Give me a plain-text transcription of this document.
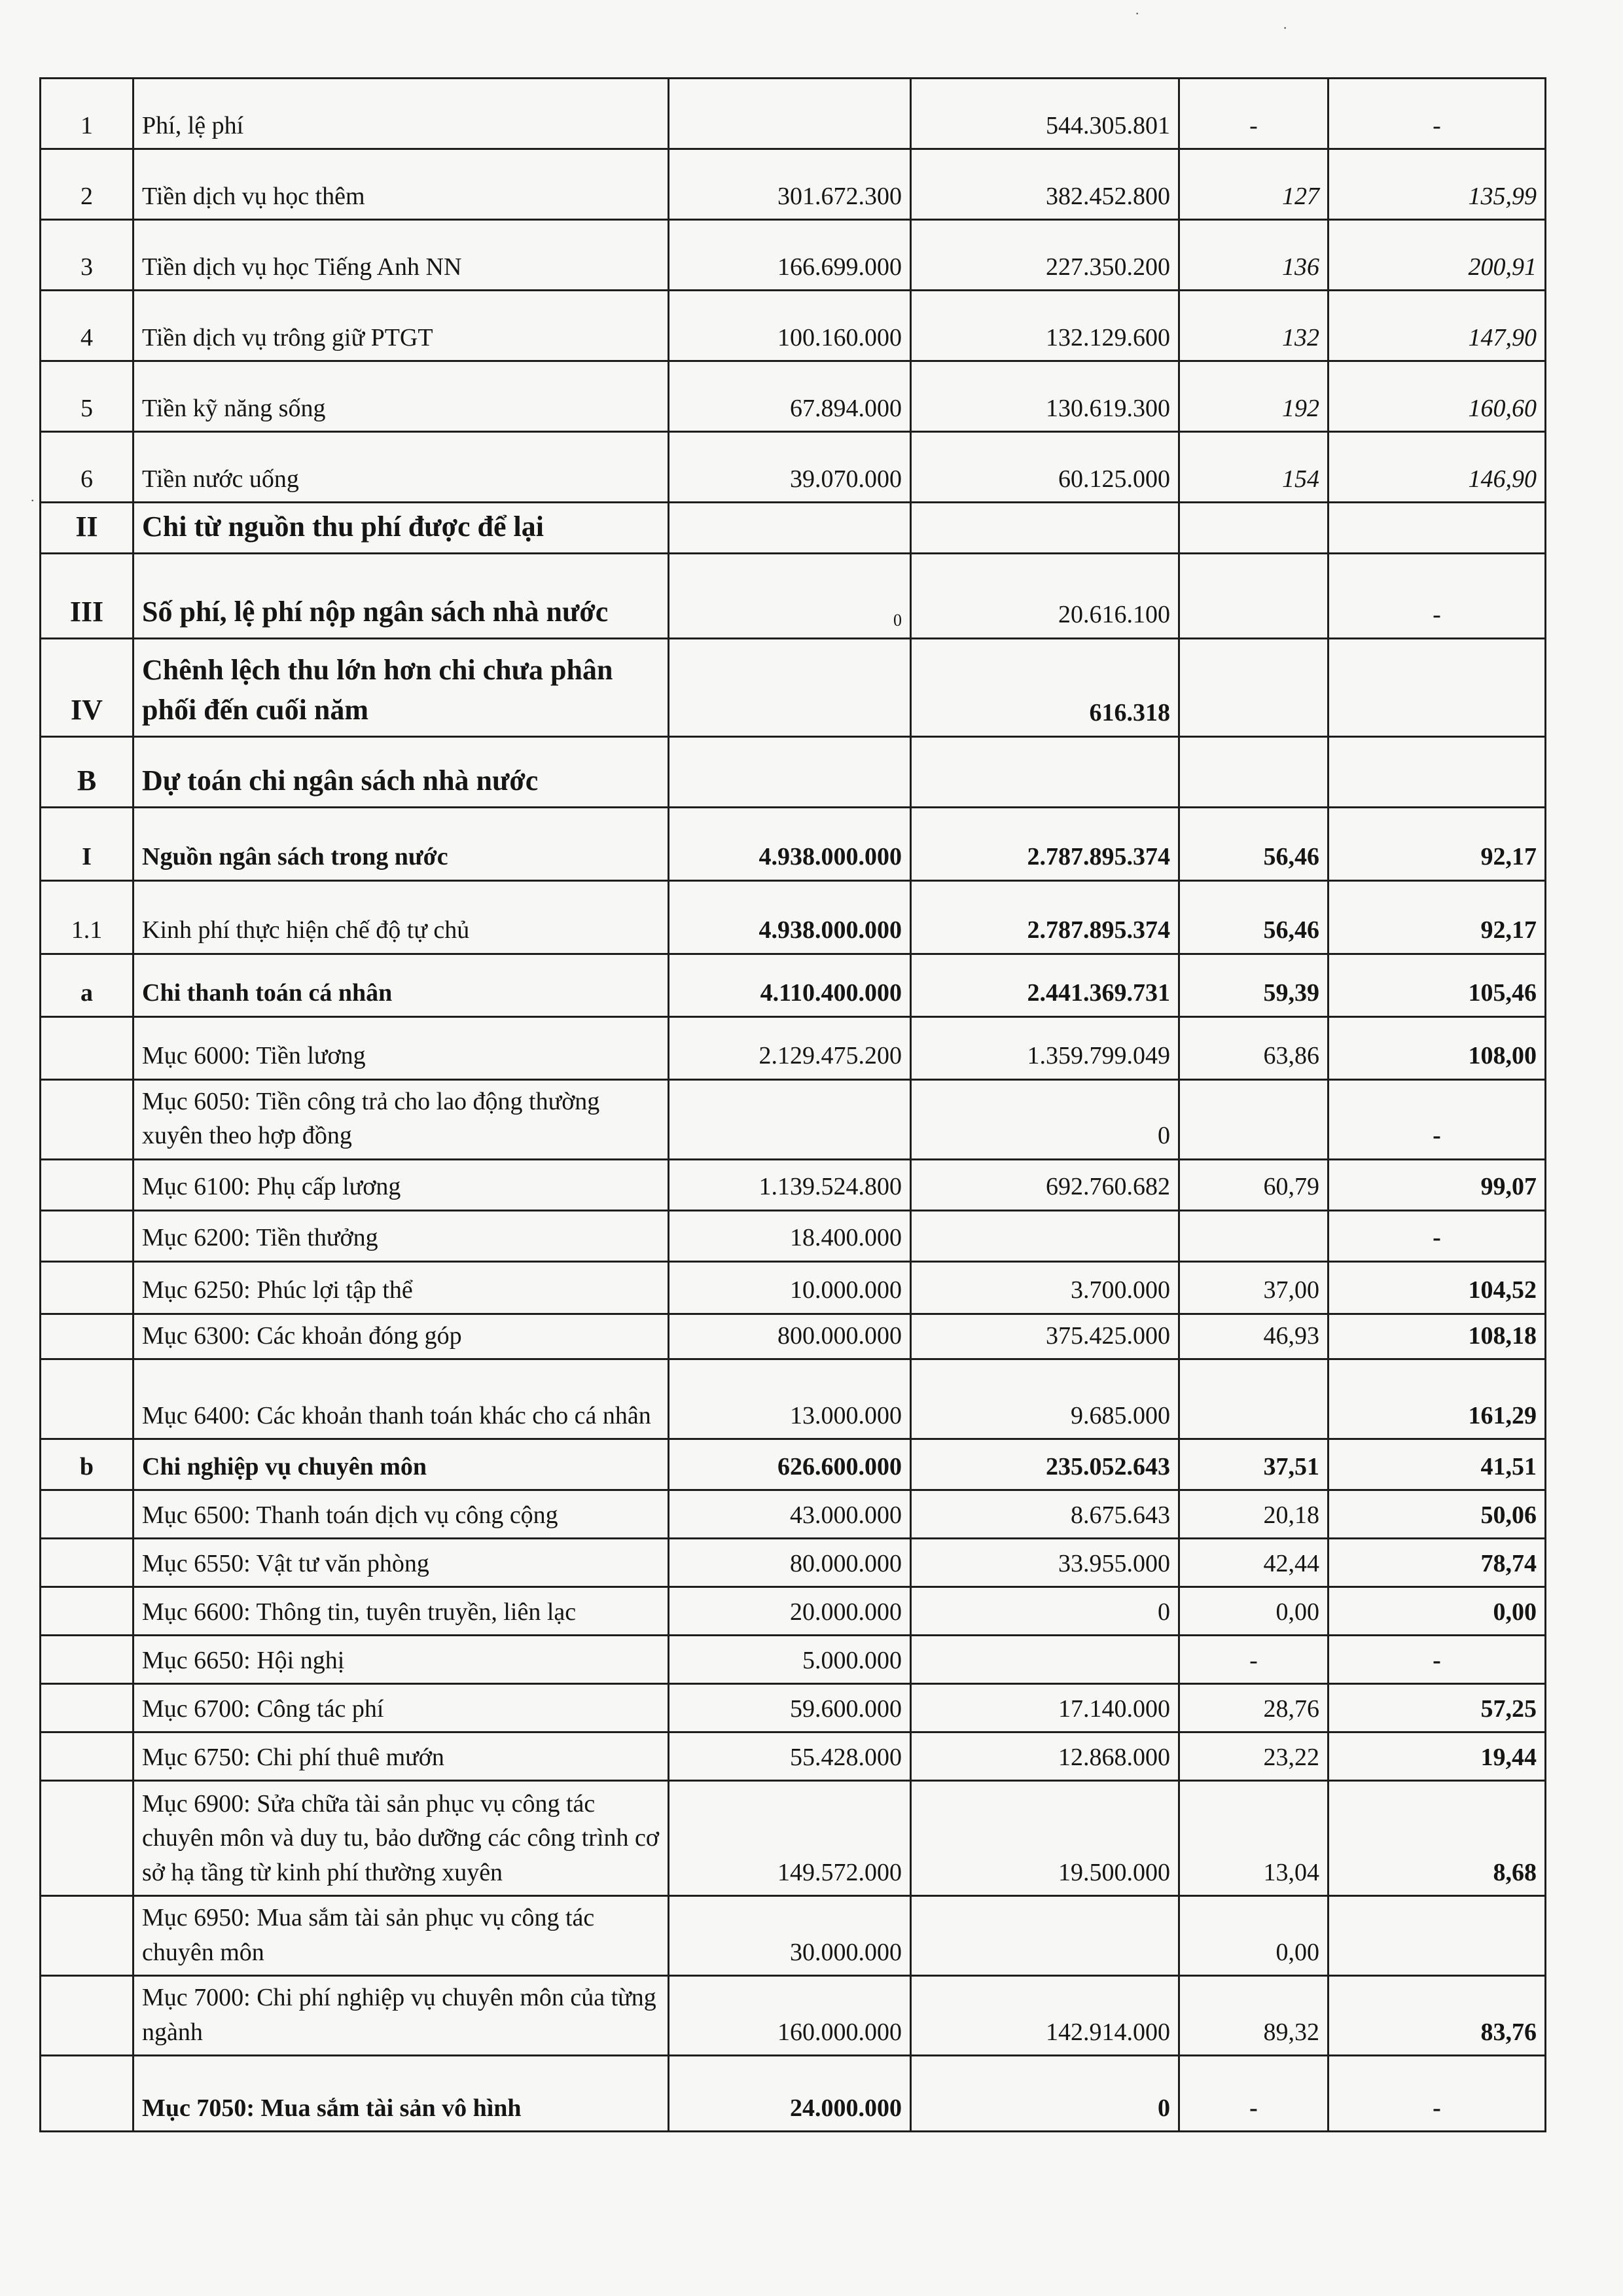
1	Phí, lệ phí		544.305.801	-	-
2	Tiền dịch vụ học thêm	301.672.300	382.452.800	127	135,99
3	Tiền dịch vụ học Tiếng Anh NN	166.699.000	227.350.200	136	200,91
4	Tiền dịch vụ trông giữ PTGT	100.160.000	132.129.600	132	147,90
5	Tiền kỹ năng sống	67.894.000	130.619.300	192	160,60
6	Tiền nước uống	39.070.000	60.125.000	154	146,90
II	Chi từ nguồn thu phí được để lại				
III	Số phí, lệ phí nộp ngân sách nhà nước	0	20.616.100		-
IV	Chênh lệch thu lớn hơn chi chưa phân phối đến cuối năm		616.318		
B	Dự toán chi ngân sách nhà nước				
I	Nguồn ngân sách trong nước	4.938.000.000	2.787.895.374	56,46	92,17
1.1	Kinh phí thực hiện chế độ tự chủ	4.938.000.000	2.787.895.374	56,46	92,17
a	Chi thanh toán cá nhân	4.110.400.000	2.441.369.731	59,39	105,46
	Mục 6000: Tiền lương	2.129.475.200	1.359.799.049	63,86	108,00
	Mục 6050: Tiền công trả cho lao động thường xuyên theo hợp đồng		0		-
	Mục 6100: Phụ cấp lương	1.139.524.800	692.760.682	60,79	99,07
	Mục 6200: Tiền thưởng	18.400.000			-
	Mục 6250: Phúc lợi tập thể	10.000.000	3.700.000	37,00	104,52
	Mục 6300: Các khoản đóng góp	800.000.000	375.425.000	46,93	108,18
	Mục 6400: Các khoản thanh toán khác cho cá nhân	13.000.000	9.685.000		161,29
b	Chi nghiệp vụ chuyên môn	626.600.000	235.052.643	37,51	41,51
	Mục 6500: Thanh toán dịch vụ công cộng	43.000.000	8.675.643	20,18	50,06
	Mục 6550: Vật tư văn phòng	80.000.000	33.955.000	42,44	78,74
	Mục 6600: Thông tin, tuyên truyền, liên lạc	20.000.000	0	0,00	0,00
	Mục 6650: Hội nghị	5.000.000		-	-
	Mục 6700: Công tác phí	59.600.000	17.140.000	28,76	57,25
	Mục 6750: Chi phí thuê mướn	55.428.000	12.868.000	23,22	19,44
	Mục 6900: Sửa chữa tài sản phục vụ công tác chuyên môn và duy tu, bảo dưỡng các công trình cơ sở hạ tầng từ kinh phí thường xuyên	149.572.000	19.500.000	13,04	8,68
	Mục 6950: Mua sắm tài sản phục vụ công tác chuyên môn	30.000.000		0,00	
	Mục 7000: Chi phí nghiệp vụ chuyên môn của từng ngành	160.000.000	142.914.000	89,32	83,76
	Mục 7050: Mua sắm tài sản vô hình	24.000.000	0	-	-
·
·
·
